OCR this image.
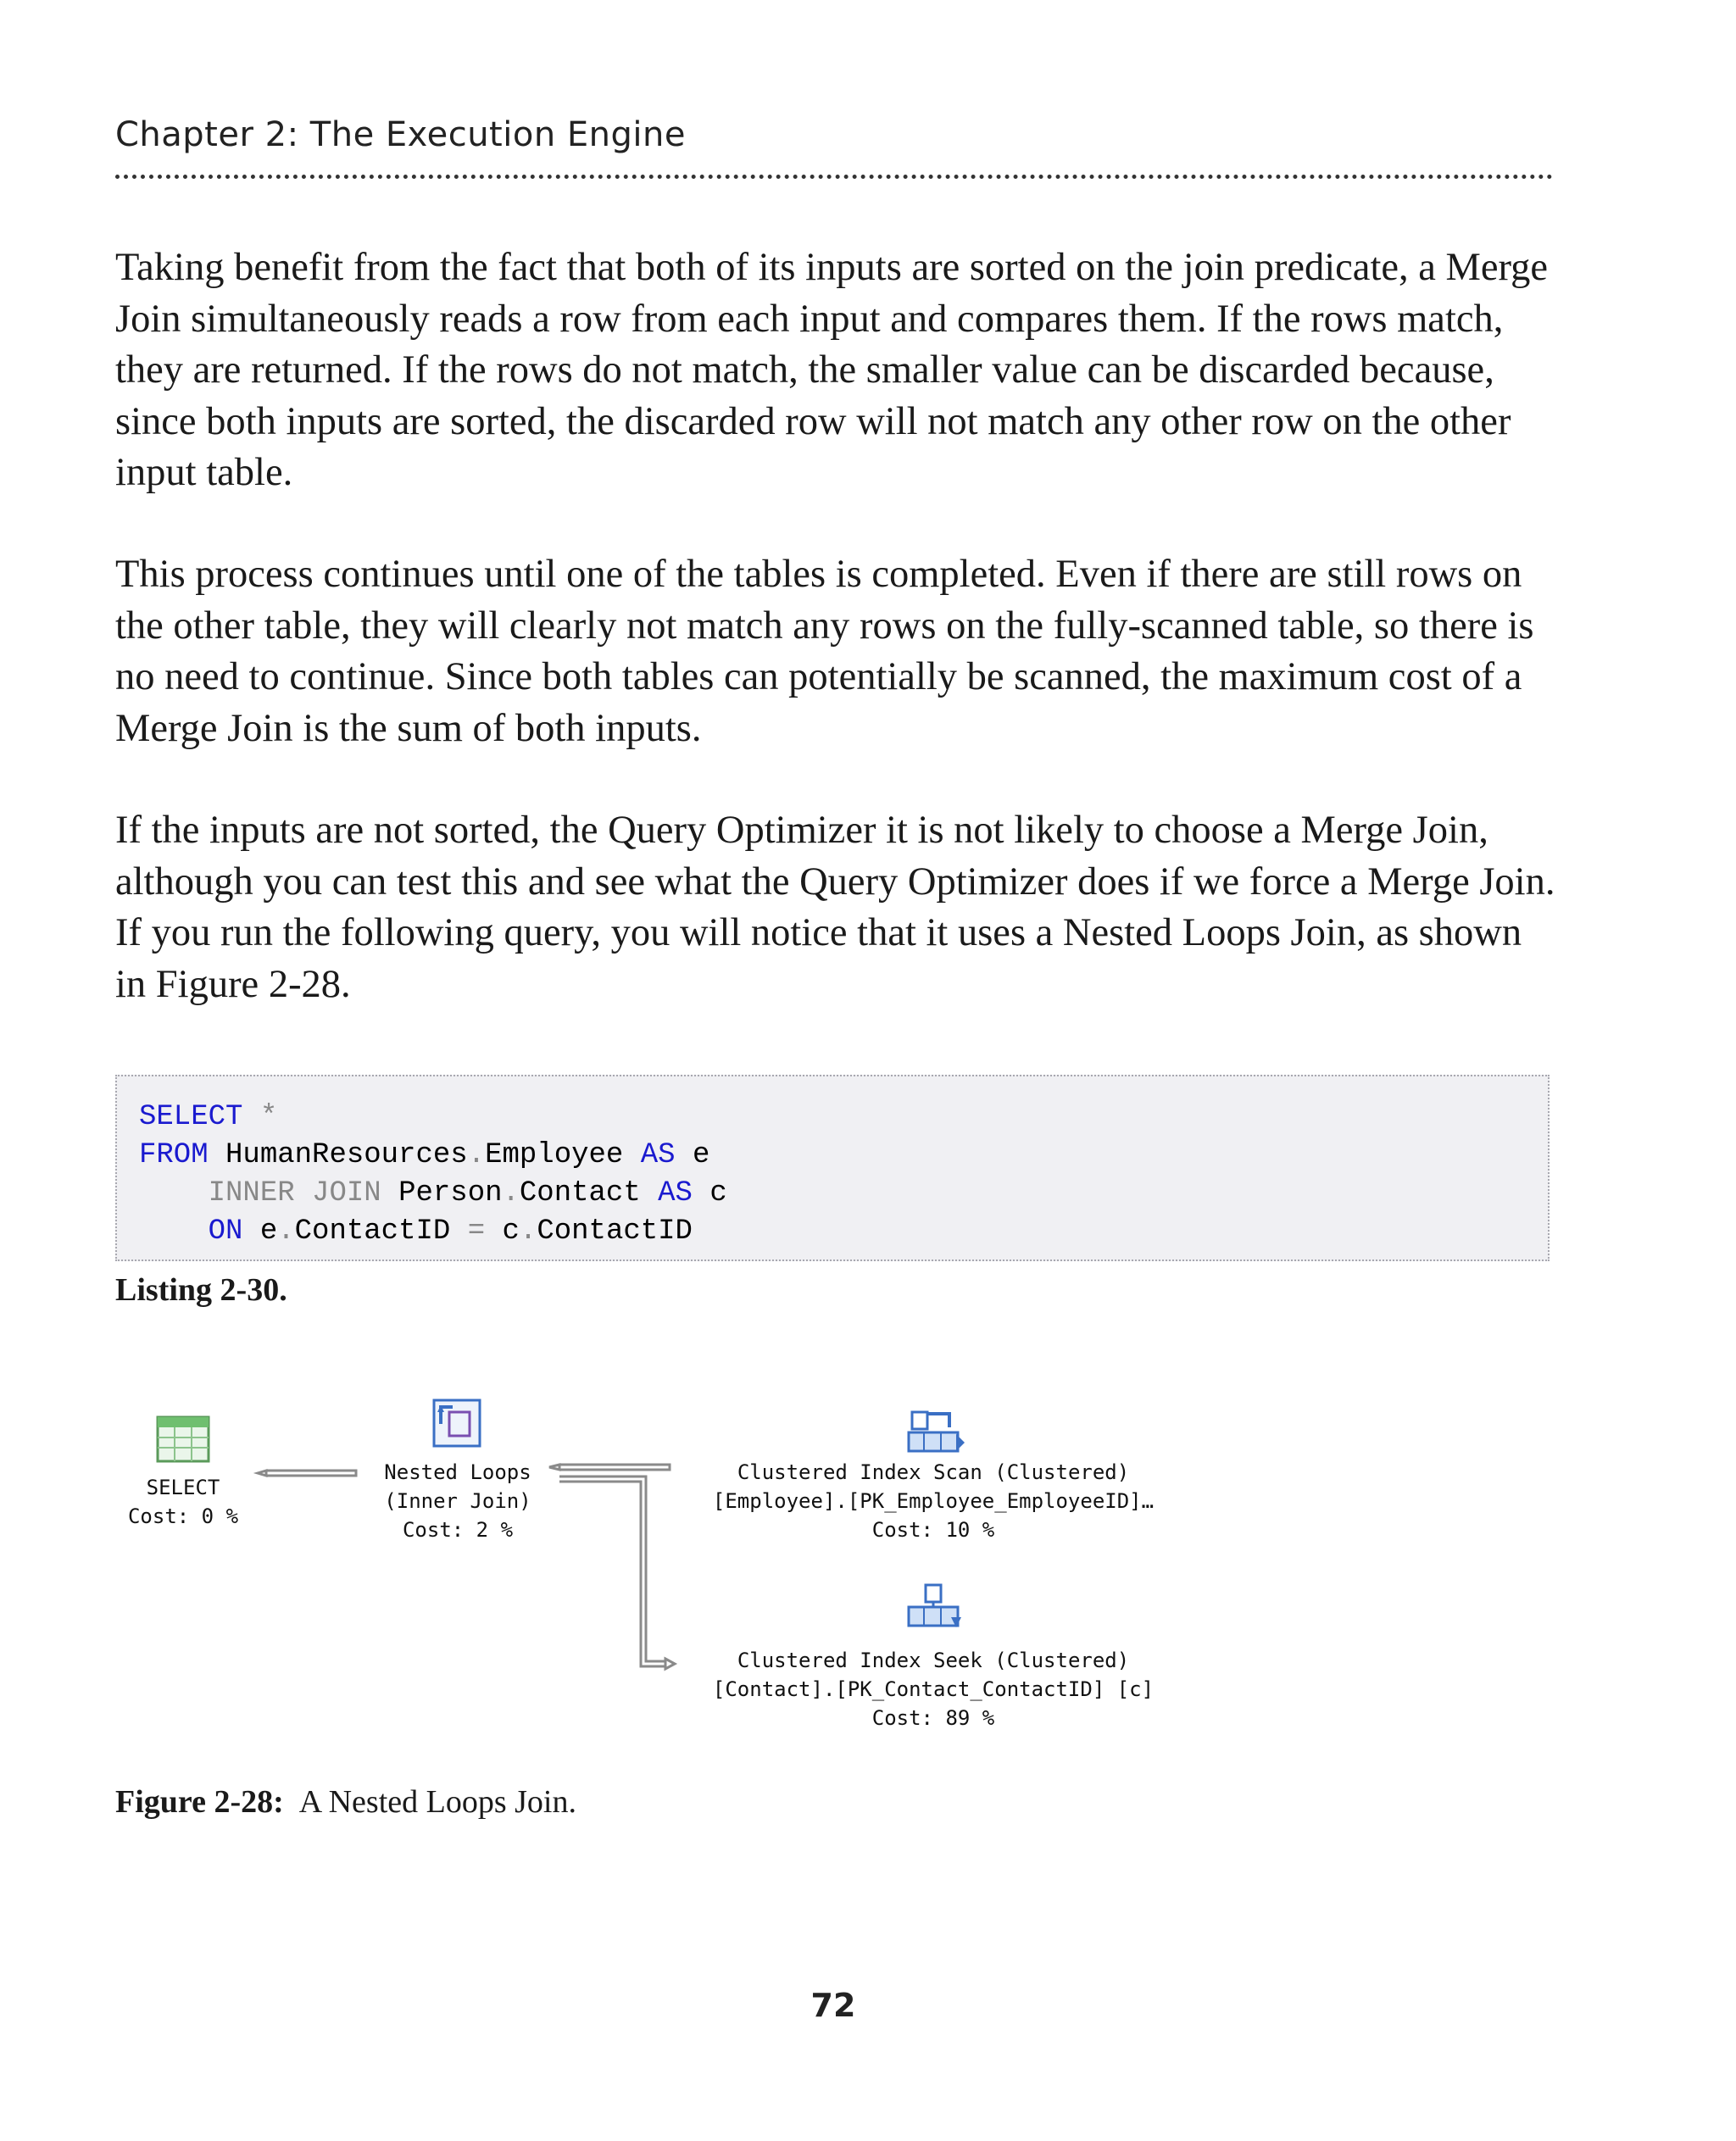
Chapter 2: The Execution Engine

Taking benefit from the fact that both of its inputs are sorted on the join predicate, a Merge Join simultaneously reads a row from each input and compares them. If the rows match, they are returned. If the rows do not match, the smaller value can be discarded because, since both inputs are sorted, the discarded row will not match any other row on the other input table.

This process continues until one of the tables is completed. Even if there are still rows on the other table, they will clearly not match any rows on the fully-scanned table, so there is no need to continue. Since both tables can potentially be scanned, the maximum cost of a Merge Join is the sum of both inputs.

If the inputs are not sorted, the Query Optimizer it is not likely to choose a Merge Join, although you can test this and see what the Query Optimizer does if we force a Merge Join. If you run the following query, you will notice that it uses a Nested Loops Join, as shown in Figure 2-28.

SELECT *
FROM HumanResources.Employee AS e
INNER JOIN Person.Contact AS c
ON e.ContactID = c.ContactID
Listing 2-30.
SELECT
Cost: 0 %
Nested Loops
(Inner Join)
Cost: 2 %
Clustered Index Scan (Clustered)
[Employee].[PK_Employee_EmployeeID]…
Cost: 10 %
Clustered Index Seek (Clustered)
[Contact].[PK_Contact_ContactID] [c]
Cost: 89 %
Figure 2-28: A Nested Loops Join.
72
